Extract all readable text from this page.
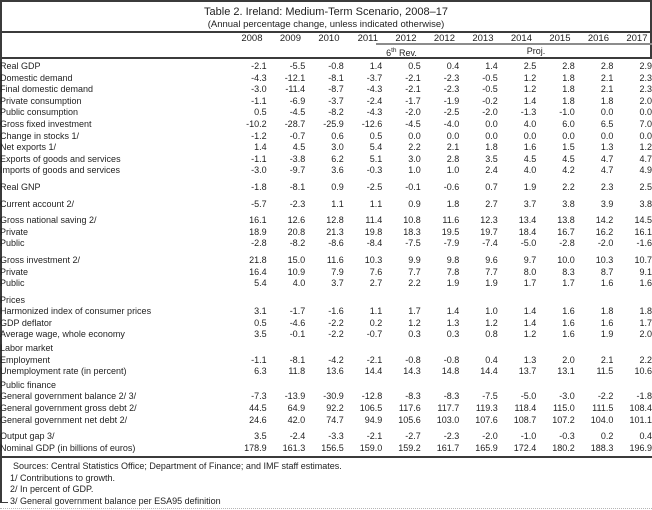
Table 2. Ireland: Medium-Term Scenario, 2008–17
(Annual percentage change, unless indicated otherwise)
2008	2009	2010	2011	2012	2012	2013	2014	2015	2016	2017
6th Rev.	Proj.
Real GDP	-2.1	-5.5	-0.8	1.4	0.5	0.4	1.4	2.5	2.8	2.8	2.9
Domestic demand	-4.3	-12.1	-8.1	-3.7	-2.1	-2.3	-0.5	1.2	1.8	2.1	2.3
Final domestic demand	-3.0	-11.4	-8.7	-4.3	-2.1	-2.3	-0.5	1.2	1.8	2.1	2.3
Private consumption	-1.1	-6.9	-3.7	-2.4	-1.7	-1.9	-0.2	1.4	1.8	1.8	2.0
Public consumption	0.5	-4.5	-8.2	-4.3	-2.0	-2.5	-2.0	-1.3	-1.0	0.0	0.0
Gross fixed investment	-10.2	-28.7	-25.9	-12.6	-4.5	-4.0	0.0	4.0	6.0	6.5	7.0
Change in stocks 1/	-1.2	-0.7	0.6	0.5	0.0	0.0	0.0	0.0	0.0	0.0	0.0
Net exports 1/	1.4	4.5	3.0	5.4	2.2	2.1	1.8	1.6	1.5	1.3	1.2
Exports of goods and services	-1.1	-3.8	6.2	5.1	3.0	2.8	3.5	4.5	4.5	4.7	4.7
Imports of goods and services	-3.0	-9.7	3.6	-0.3	1.0	1.0	2.4	4.0	4.2	4.7	4.9
Real GNP	-1.8	-8.1	0.9	-2.5	-0.1	-0.6	0.7	1.9	2.2	2.3	2.5
Current account 2/	-5.7	-2.3	1.1	1.1	0.9	1.8	2.7	3.7	3.8	3.9	3.8
Gross national saving 2/	16.1	12.6	12.8	11.4	10.8	11.6	12.3	13.4	13.8	14.2	14.5
Private	18.9	20.8	21.3	19.8	18.3	19.5	19.7	18.4	16.7	16.2	16.1
Public	-2.8	-8.2	-8.6	-8.4	-7.5	-7.9	-7.4	-5.0	-2.8	-2.0	-1.6
Gross investment 2/	21.8	15.0	11.6	10.3	9.9	9.8	9.6	9.7	10.0	10.3	10.7
Private	16.4	10.9	7.9	7.6	7.7	7.8	7.7	8.0	8.3	8.7	9.1
Public	5.4	4.0	3.7	2.7	2.2	1.9	1.9	1.7	1.7	1.6	1.6
Prices											
Harmonized index of consumer prices	3.1	-1.7	-1.6	1.1	1.7	1.4	1.0	1.4	1.6	1.8	1.8
GDP deflator	0.5	-4.6	-2.2	0.2	1.2	1.3	1.2	1.4	1.6	1.6	1.7
Average wage, whole economy	3.5	-0.1	-2.2	-0.7	0.3	0.3	0.8	1.2	1.6	1.9	2.0
Labor market											
Employment	-1.1	-8.1	-4.2	-2.1	-0.8	-0.8	0.4	1.3	2.0	2.1	2.2
Unemployment rate (in percent)	6.3	11.8	13.6	14.4	14.3	14.8	14.4	13.7	13.1	11.5	10.6
Public finance											
General government balance 2/ 3/	-7.3	-13.9	-30.9	-12.8	-8.3	-8.3	-7.5	-5.0	-3.0	-2.2	-1.8
General government gross debt 2/	44.5	64.9	92.2	106.5	117.6	117.7	119.3	118.4	115.0	111.5	108.4
General government net debt 2/	24.6	42.0	74.7	94.9	105.6	103.0	107.6	108.7	107.2	104.0	101.1
Output gap 3/	3.5	-2.4	-3.3	-2.1	-2.7	-2.3	-2.0	-1.0	-0.3	0.2	0.4
Nominal GDP (in billions of euros)	178.9	161.3	156.5	159.0	159.2	161.7	165.9	172.4	180.2	188.3	196.9
Sources: Central Statistics Office; Department of Finance; and IMF staff estimates.
1/ Contributions to growth.
2/ In percent of GDP.
3/ General government balance per ESA95 definition
